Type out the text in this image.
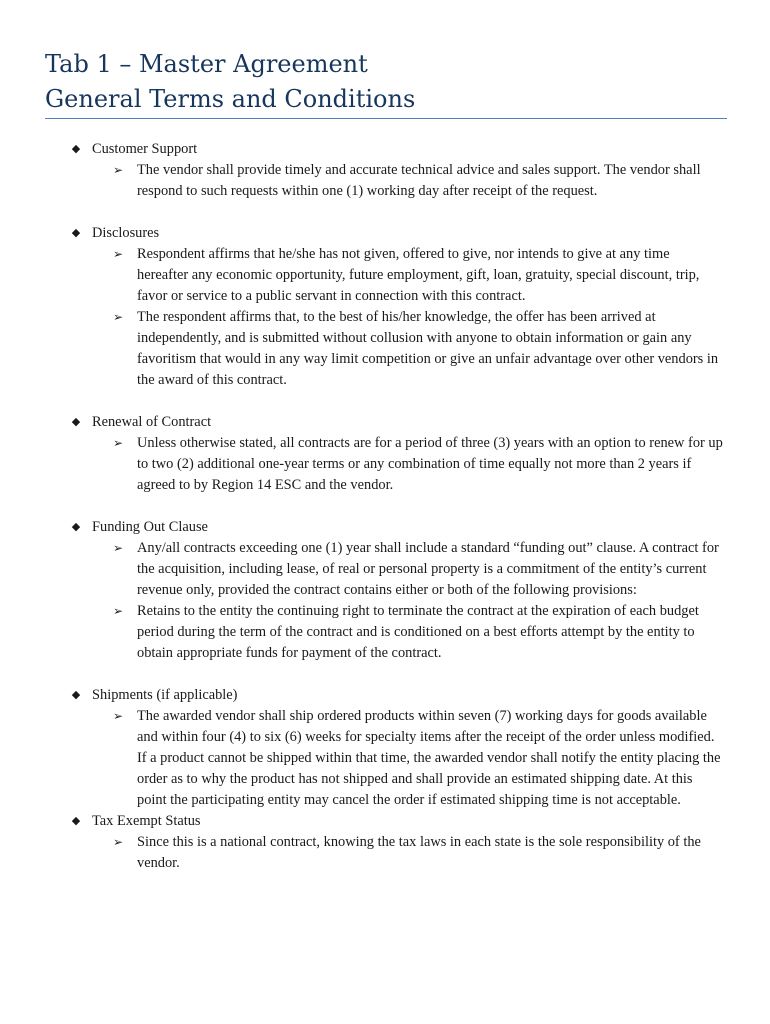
Tab 1 – Master Agreement
General Terms and Conditions
◆ Customer Support
➢ The vendor shall provide timely and accurate technical advice and sales support. The vendor shall respond to such requests within one (1) working day after receipt of the request.
◆ Disclosures
➢ Respondent affirms that he/she has not given, offered to give, nor intends to give at any time hereafter any economic opportunity, future employment, gift, loan, gratuity, special discount, trip, favor or service to a public servant in connection with this contract.
➢ The respondent affirms that, to the best of his/her knowledge, the offer has been arrived at independently, and is submitted without collusion with anyone to obtain information or gain any favoritism that would in any way limit competition or give an unfair advantage over other vendors in the award of this contract.
◆ Renewal of Contract
➢ Unless otherwise stated, all contracts are for a period of three (3) years with an option to renew for up to two (2) additional one-year terms or any combination of time equally not more than 2 years if agreed to by Region 14 ESC and the vendor.
◆ Funding Out Clause
➢ Any/all contracts exceeding one (1) year shall include a standard “funding out” clause. A contract for the acquisition, including lease, of real or personal property is a commitment of the entity’s current revenue only, provided the contract contains either or both of the following provisions:
➢ Retains to the entity the continuing right to terminate the contract at the expiration of each budget period during the term of the contract and is conditioned on a best efforts attempt by the entity to obtain appropriate funds for payment of the contract.
◆ Shipments (if applicable)
➢ The awarded vendor shall ship ordered products within seven (7) working days for goods available and within four (4) to six (6) weeks for specialty items after the receipt of the order unless modified. If a product cannot be shipped within that time, the awarded vendor shall notify the entity placing the order as to why the product has not shipped and shall provide an estimated shipping date. At this point the participating entity may cancel the order if estimated shipping time is not acceptable.
◆ Tax Exempt Status
➢ Since this is a national contract, knowing the tax laws in each state is the sole responsibility of the vendor.
